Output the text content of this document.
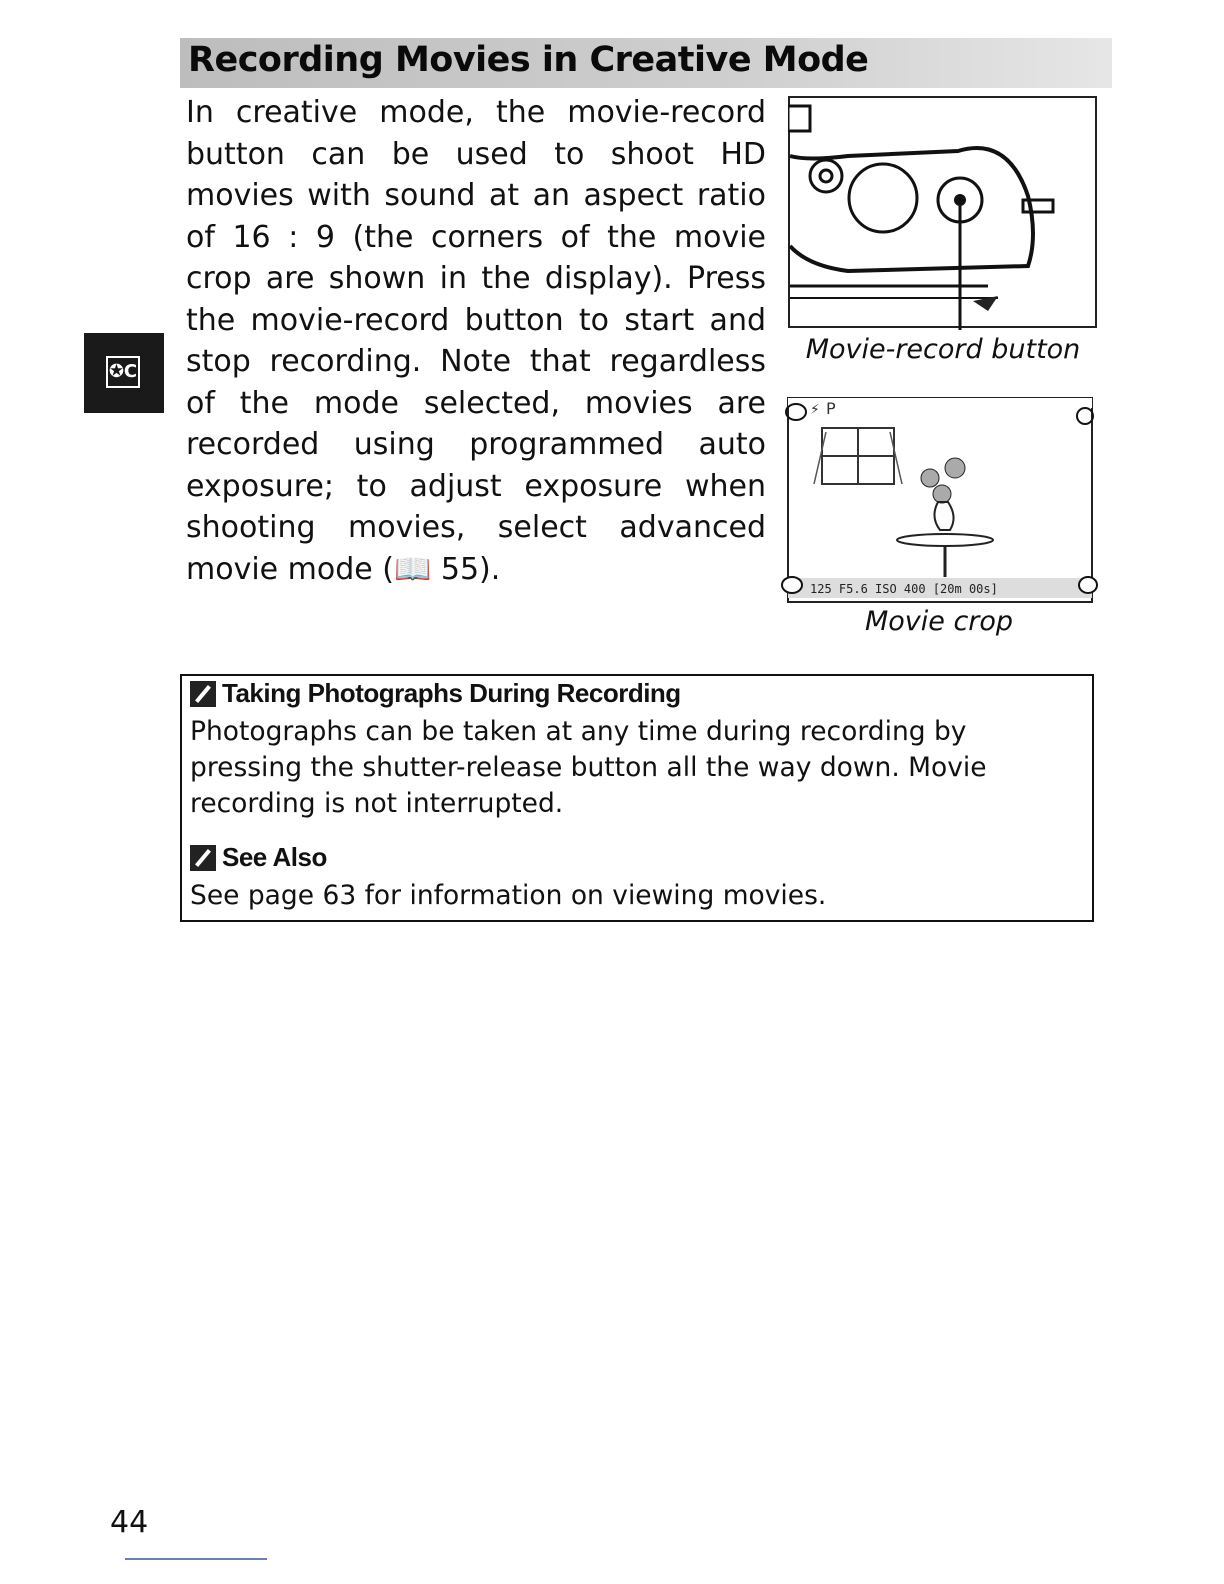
Recording Movies in Creative Mode
✪C

In creative mode, the movie-record button can be used to shoot HD movies with sound at an aspect ratio of 16 : 9 (the corners of the movie crop are shown in the display). Press the movie-record button to start and stop recording. Note that regardless of the mode selected, movies are recorded using programmed auto exposure; to adjust exposure when shooting movies, select advanced movie mode (📖 55).

Movie-record button
⚡ P
125 F5.6 ISO 400 [20m 00s]
Movie crop
Taking Photographs During Recording

Photographs can be taken at any time during recording by pressing the shutter-release button all the way down. Movie recording is not interrupted.

See Also

See page 63 for information on viewing movies.

44
